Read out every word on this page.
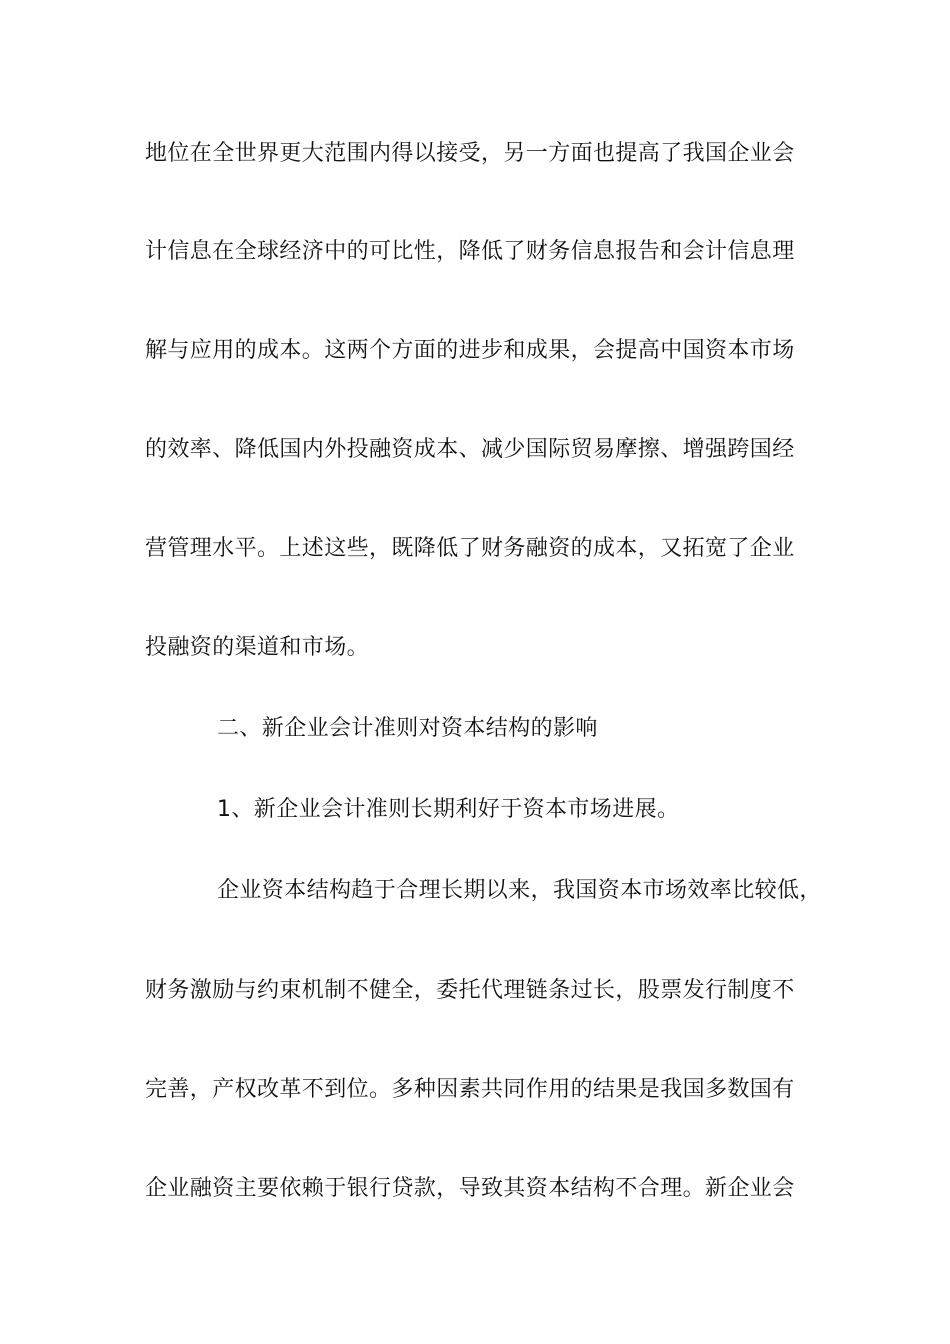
地位在全世界更大范围内得以接受，另一方面也提高了我国企业会
计信息在全球经济中的可比性，降低了财务信息报告和会计信息理
解与应用的成本。这两个方面的进步和成果，会提高中国资本市场
的效率、降低国内外投融资成本、减少国际贸易摩擦、增强跨国经
营管理水平。上述这些，既降低了财务融资的成本，又拓宽了企业
投融资的渠道和市场。
二、新企业会计准则对资本结构的影响
1、新企业会计准则长期利好于资本市场进展。
企业资本结构趋于合理长期以来，我国资本市场效率比较低，
财务激励与约束机制不健全，委托代理链条过长，股票发行制度不
完善，产权改革不到位。多种因素共同作用的结果是我国多数国有
企业融资主要依赖于银行贷款，导致其资本结构不合理。新企业会
